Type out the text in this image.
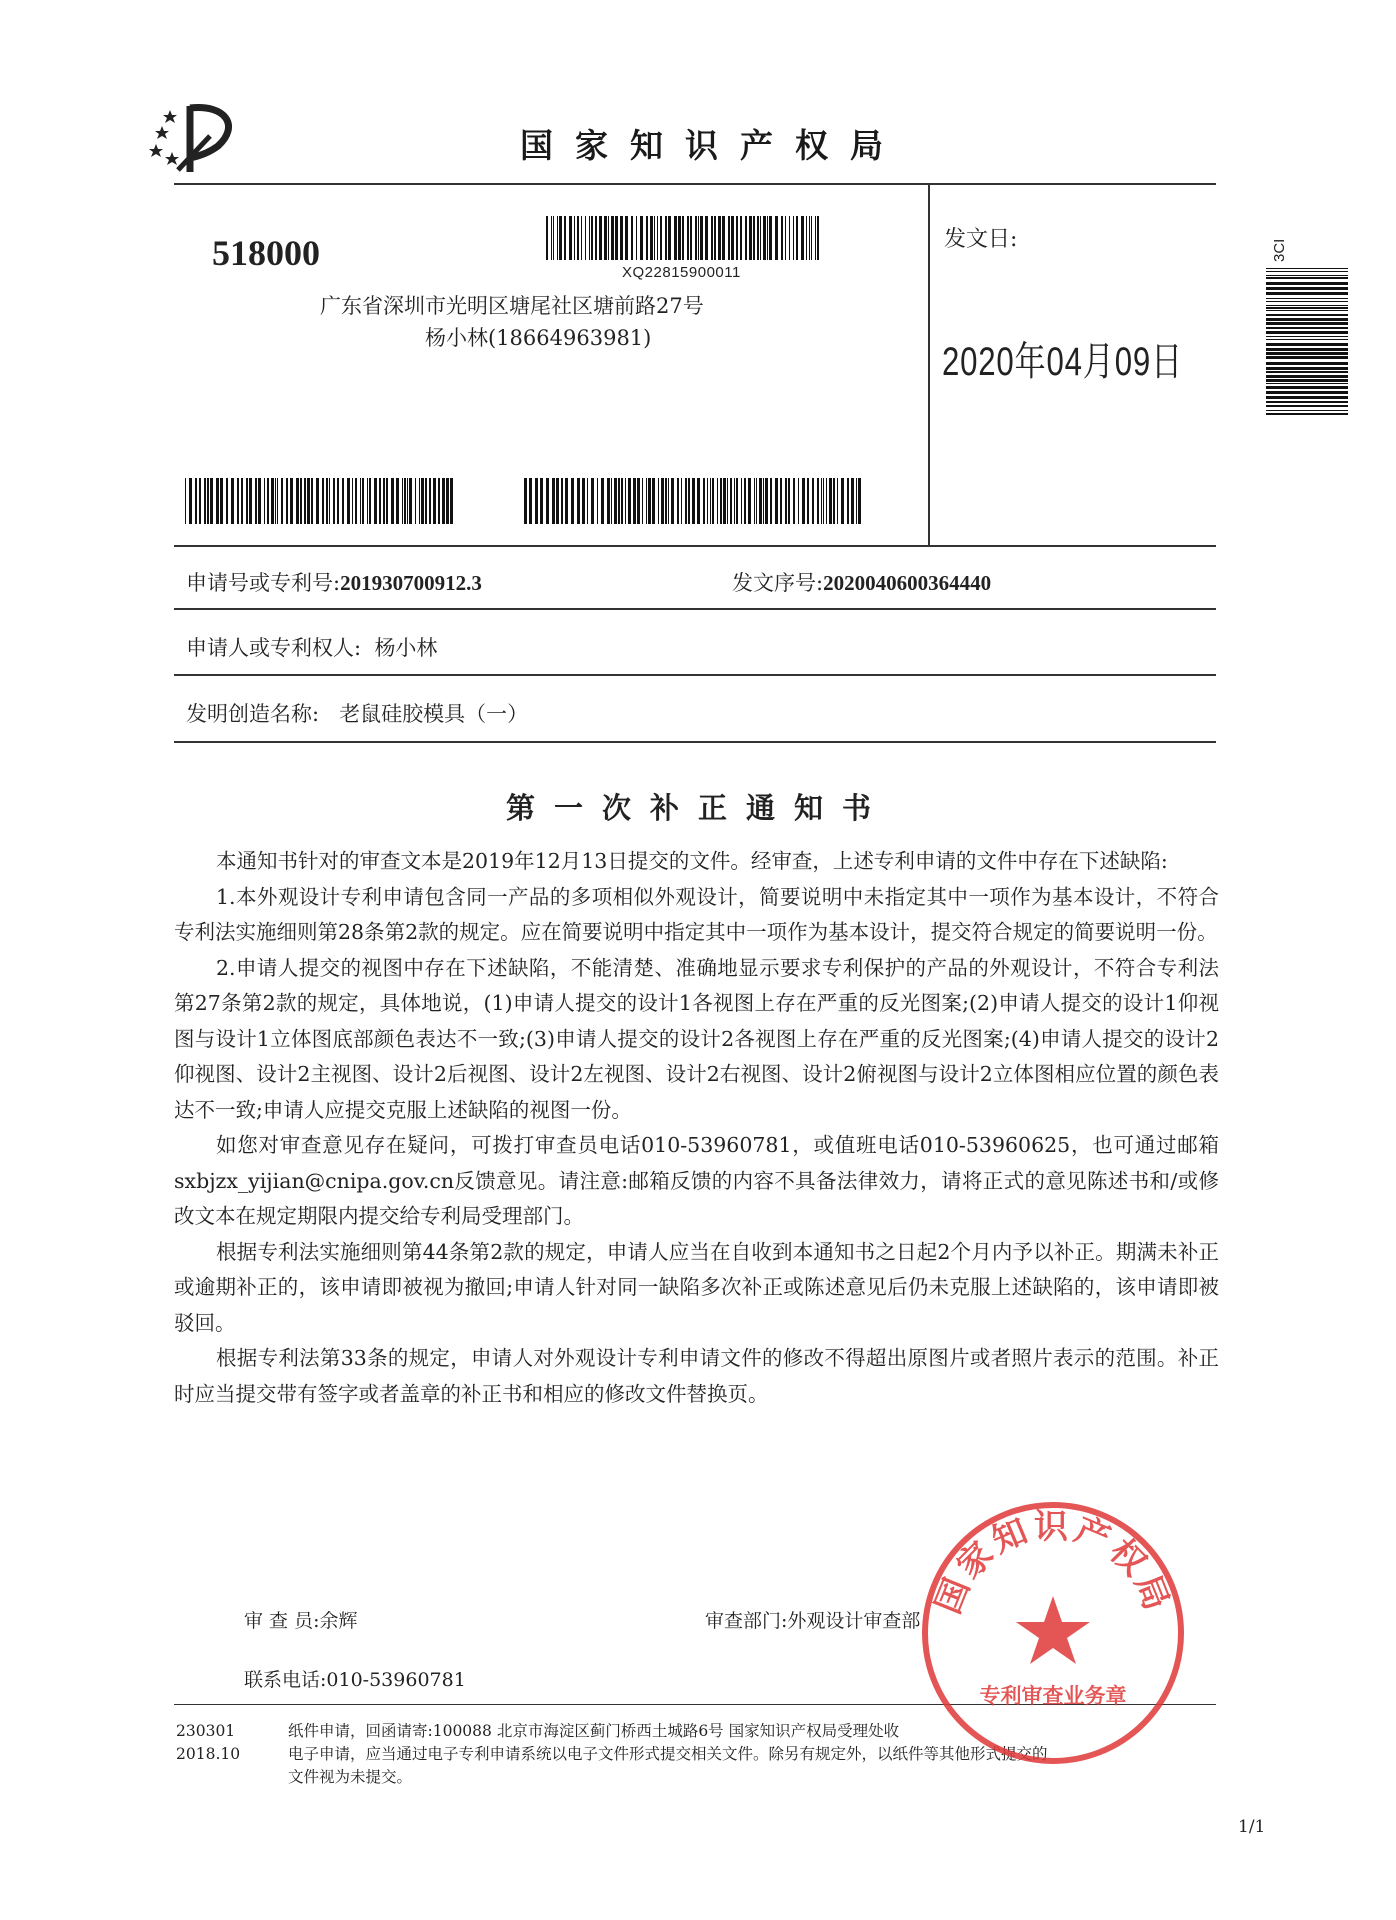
国家知识产权局
518000	XQ22815900011
广东省深圳市光明区塘尾社区塘前路27号
杨小林(18664963981)
发文日:
2020年04月09日
3CI
申请号或专利号:201930700912.3	发文序号:2020040600364440
申请人或专利权人: 杨小林
发明创造名称: 老鼠硅胶模具（一）
第一次补正通知书

本通知书针对的审查文本是2019年12月13日提交的文件。经审查，上述专利申请的文件中存在下述缺陷:

1.本外观设计专利申请包含同一产品的多项相似外观设计，简要说明中未指定其中一项作为基本设计，不符合专利法实施细则第28条第2款的规定。应在简要说明中指定其中一项作为基本设计，提交符合规定的简要说明一份。

2.申请人提交的视图中存在下述缺陷，不能清楚、准确地显示要求专利保护的产品的外观设计，不符合专利法第27条第2款的规定，具体地说，(1)申请人提交的设计1各视图上存在严重的反光图案;(2)申请人提交的设计1仰视图与设计1立体图底部颜色表达不一致;(3)申请人提交的设计2各视图上存在严重的反光图案;(4)申请人提交的设计2仰视图、设计2主视图、设计2后视图、设计2左视图、设计2右视图、设计2俯视图与设计2立体图相应位置的颜色表达不一致;申请人应提交克服上述缺陷的视图一份。

如您对审查意见存在疑问，可拨打审查员电话010-53960781，或值班电话010-53960625，也可通过邮箱sxbjzx_yijian@cnipa.gov.cn反馈意见。请注意:邮箱反馈的内容不具备法律效力，请将正式的意见陈述书和/或修改文本在规定期限内提交给专利局受理部门。

根据专利法实施细则第44条第2款的规定，申请人应当在自收到本通知书之日起2个月内予以补正。期满未补正或逾期补正的，该申请即被视为撤回;申请人针对同一缺陷多次补正或陈述意见后仍未克服上述缺陷的，该申请即被驳回。

根据专利法第33条的规定，申请人对外观设计专利申请文件的修改不得超出原图片或者照片表示的范围。补正时应当提交带有签字或者盖章的补正书和相应的修改文件替换页。

审 查 员:余辉	审查部门:外观设计审查部
联系电话:010-53960781
230301
2018.10
纸件申请，回函请寄:100088 北京市海淀区蓟门桥西土城路6号 国家知识产权局受理处收
电子申请，应当通过电子专利申请系统以电子文件形式提交相关文件。除另有规定外，以纸件等其他形式提交的
文件视为未提交。
1/1
国家知识产权局
专利审查业务章
